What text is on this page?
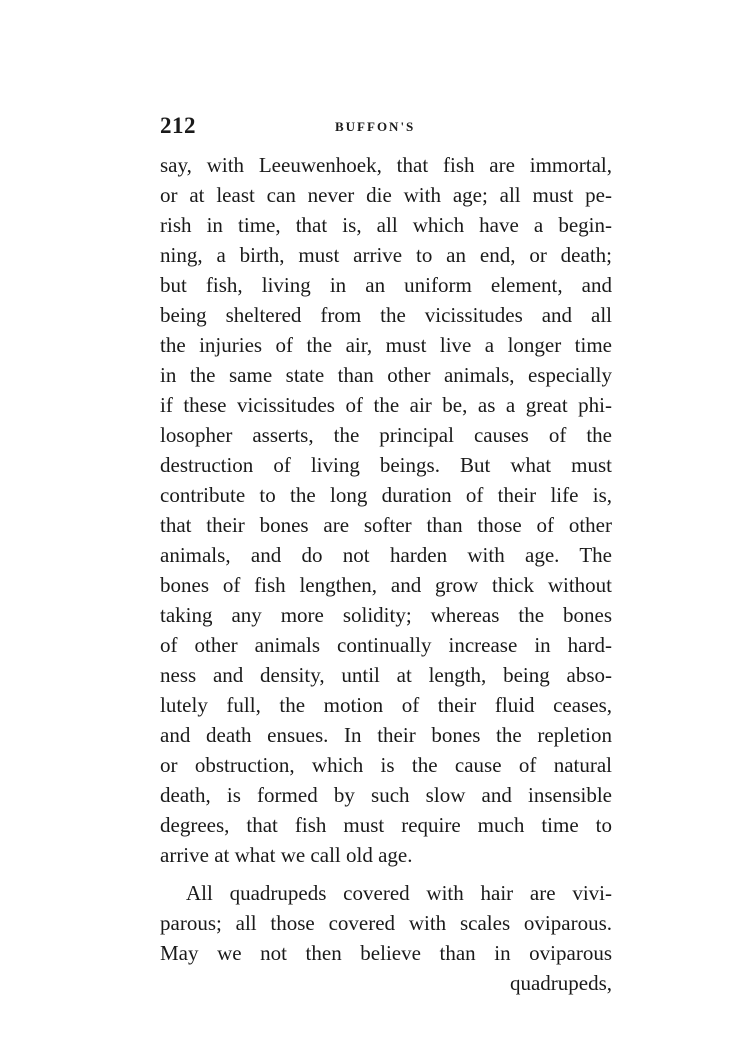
212	BUFFON'S
say, with Leeuwenhoek, that fish are immortal,
or at least can never die with age; all must pe-
rish in time, that is, all which have a begin-
ning, a birth, must arrive to an end, or death;
but fish, living in an uniform element, and
being sheltered from the vicissitudes and all
the injuries of the air, must live a longer time
in the same state than other animals, especially
if these vicissitudes of the air be, as a great phi-
losopher asserts, the principal causes of the
destruction of living beings. But what must
contribute to the long duration of their life is,
that their bones are softer than those of other
animals, and do not harden with age. The
bones of fish lengthen, and grow thick without
taking any more solidity; whereas the bones
of other animals continually increase in hard-
ness and density, until at length, being abso-
lutely full, the motion of their fluid ceases,
and death ensues. In their bones the repletion
or obstruction, which is the cause of natural
death, is formed by such slow and insensible
degrees, that fish must require much time to
arrive at what we call old age.
All quadrupeds covered with hair are vivi-
parous; all those covered with scales oviparous.
May we not then believe than in oviparous
quadrupeds,
